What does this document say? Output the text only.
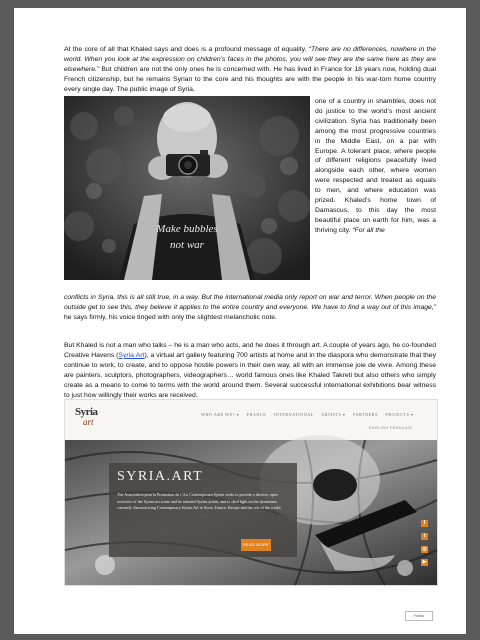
At the core of all that Khaled says and does is a profound message of equality. “There are no differences, nowhere in the world. When you look at the expression on children’s faces in the photos, you will see they are the same here as they are elsewhere.” But children are not the only ones he is concerned with. He has lived in France for 18 years now, holding dual French citizenship, but he remains Syrian to the core and his thoughts are with the people in his war-torn home country every single day. The public image of Syria,
Make bubbles
not war
one of a country in shambles, does not do justice to the world’s most ancient civilization. Syria has traditionally been among the most progressive countries in the Middle East, on a par with Europe. A tolerant place, where people of different religions peacefully lived alongside each other, where women were respected and treated as equals to men, and where education was prized. Khaled’s home town of Damascus, to this day the most beautiful place on earth for him, was a thriving city. “For all the
conflicts in Syria, this is all still true, in a way. But the international media only report on war and terror. When people on the outside get to see this, they believe it applies to the entire country and everyone. We have to find a way out of this image,” he says firmly, his voice tinged with only the slightest melancholic note.
But Khaled is not a man who talks – he is a man who acts, and he does it through art. A couple of years ago, he co-founded Creative Havens (Syria.Art), a virtual art gallery featuring 700 artists at home and in the diaspora who demonstrate that they continue to work, to create, and to oppose hostile powers in their own way, all with an immense joie de vivre. Among these are painters, sculptors, photographers, videographers… world famous ones like Khaled Takreti but also others who simply create as a means to come to terms with the world around them. Several successful international exhibitions bear witness to just how willingly their works are received.
Syria
art
WHO ARE WE? ▾ FRANCE INTERNATIONAL ARTISTS ▾ PARTNERS PROJECTS ▾
ENGLISH FRANÇAIS
SYRIA.ART
The Association pour la Promotion de l’Art Contemporain Syrien seeks to provide a diverse, open overview of the Syrian art scene and its talented Syrian artists, and to shed light on the dynamism currently characterizing Contemporary Syrian Art in Syria, France, Europe and the rest of the world.
READ MORE
f
t
◎
▶
Follow
